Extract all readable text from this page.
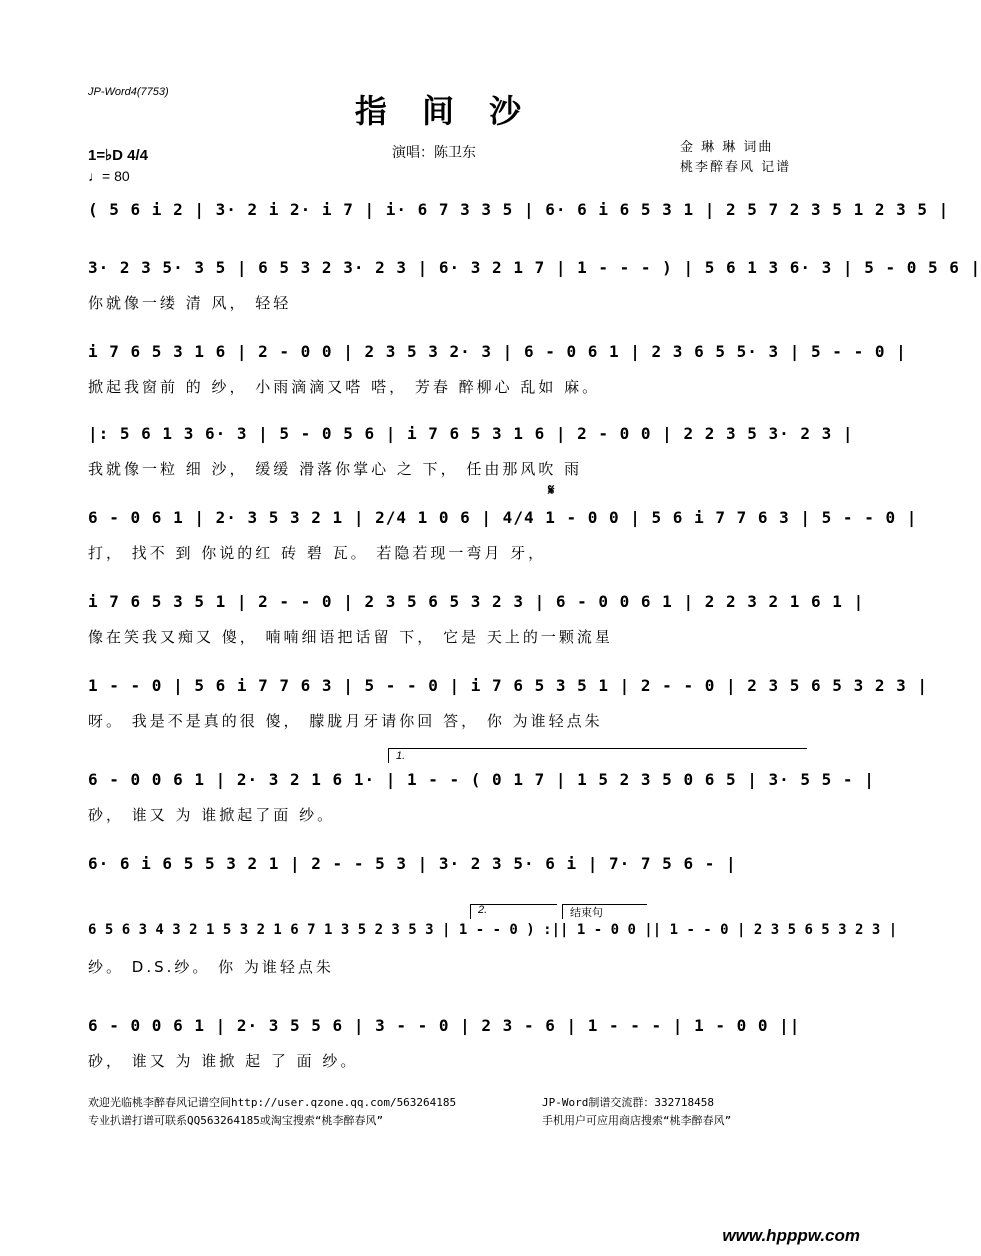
JP-Word4(7753)	指 间 沙
1=♭D 4/4
♩= 80
演唱：陈卫东	金 琳 琳 词曲
桃李醉春风 记谱
( 5 6 i 2 | 3· 2 i 2· i 7 | i· 6 7 3 3 5 | 6· 6 i 6 5 3 1 | 2 5 7 2 3 5 1 2 3 5 |
3· 2 3 5· 3 5 | 6 5 3 2 3· 2 3 | 6· 3 2 1 7 | 1 - - - ) | 5 6 1 3 6· 3 | 5 - 0 5 6 |
你就像一缕 清 风， 轻轻
i 7 6 5 3 1 6 | 2 - 0 0 | 2 3 5 3 2· 3 | 6 - 0 6 1 | 2 3 6 5 5· 3 | 5 - - 0 |
掀起我窗前 的 纱， 小雨滴滴又嗒 嗒， 芳春 醉柳心 乱如 麻。
|: 5 6 1 3 6· 3 | 5 - 0 5 6 | i 7 6 5 3 1 6 | 2 - 0 0 | 2 2 3 5 3· 2 3 |
我就像一粒 细 沙， 缓缓 滑落你掌心 之 下， 任由那风吹 雨
𝄋
6 - 0 6 1 | 2· 3 5 3 2 1 | 2/4 1 0 6 | 4/4 1 - 0 0 | 5 6 i 7 7 6 3 | 5 - - 0 |
打， 找不 到 你说的红 砖 碧 瓦。 若隐若现一弯月 牙，
i 7 6 5 3 5 1 | 2 - - 0 | 2 3 5 6 5 3 2 3 | 6 - 0 0 6 1 | 2 2 3 2 1 6 1 |
像在笑我又痴又 傻， 喃喃细语把话留 下， 它是 天上的一颗流星
1 - - 0 | 5 6 i 7 7 6 3 | 5 - - 0 | i 7 6 5 3 5 1 | 2 - - 0 | 2 3 5 6 5 3 2 3 |
呀。 我是不是真的很 傻， 朦胧月牙请你回 答， 你 为谁轻点朱
1.
6 - 0 0 6 1 | 2· 3 2 1 6 1· | 1 - - ( 0 1 7 | 1 5 2 3 5 0 6 5 | 3· 5 5 - |
砂， 谁又 为 谁掀起了面 纱。
6· 6 i 6 5 5 3 2 1 | 2 - - 5 3 | 3· 2 3 5· 6 i | 7· 7 5 6 - |
2.	结束句
6 5 6 3 4 3 2 1 5 3 2 1 6 7 1 3 5 2 3 5 3 | 1 - - 0 ) :|| 1 - 0 0 || 1 - - 0 | 2 3 5 6 5 3 2 3 |
纱。 D.S.纱。 你 为谁轻点朱
6 - 0 0 6 1 | 2· 3 5 5 6 | 3 - - 0 | 2 3 - 6 | 1 - - - | 1 - 0 0 ||
砂， 谁又 为 谁掀 起 了 面 纱。
欢迎光临桃李醉春风记谱空间http://user.qzone.qq.com/563264185	JP-Word制谱交流群：332718458
专业扒谱打谱可联系QQ563264185或淘宝搜索“桃李醉春风”	手机用户可应用商店搜索“桃李醉春风”
www.hpppw.com
